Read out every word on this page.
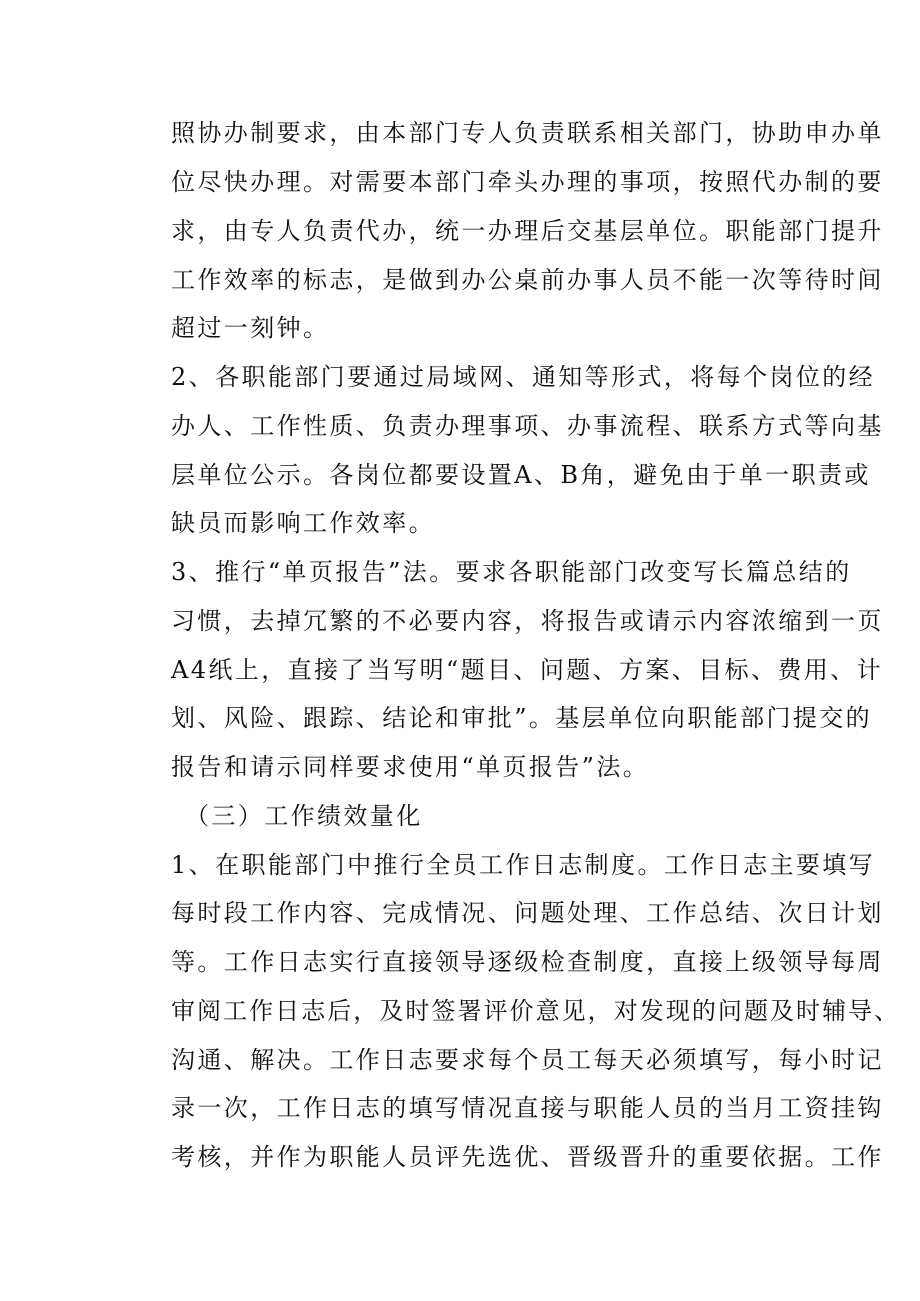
照协办制要求，由本部门专人负责联系相关部门，协助申办单
位尽快办理。对需要本部门牵头办理的事项，按照代办制的要
求，由专人负责代办，统一办理后交基层单位。职能部门提升
工作效率的标志，是做到办公桌前办事人员不能一次等待时间
超过一刻钟。
2、各职能部门要通过局域网、通知等形式，将每个岗位的经
办人、工作性质、负责办理事项、办事流程、联系方式等向基
层单位公示。各岗位都要设置A、B角，避免由于单一职责或
缺员而影响工作效率。
3、推行“单页报告”法。要求各职能部门改变写长篇总结的
习惯，去掉冗繁的不必要内容，将报告或请示内容浓缩到一页
A4纸上，直接了当写明“题目、问题、方案、目标、费用、计
划、风险、跟踪、结论和审批”。基层单位向职能部门提交的
报告和请示同样要求使用“单页报告”法。
（三）工作绩效量化
1、在职能部门中推行全员工作日志制度。工作日志主要填写
每时段工作内容、完成情况、问题处理、工作总结、次日计划
等。工作日志实行直接领导逐级检查制度，直接上级领导每周
审阅工作日志后，及时签署评价意见，对发现的问题及时辅导、
沟通、解决。工作日志要求每个员工每天必须填写，每小时记
录一次，工作日志的填写情况直接与职能人员的当月工资挂钩
考核，并作为职能人员评先选优、晋级晋升的重要依据。工作
